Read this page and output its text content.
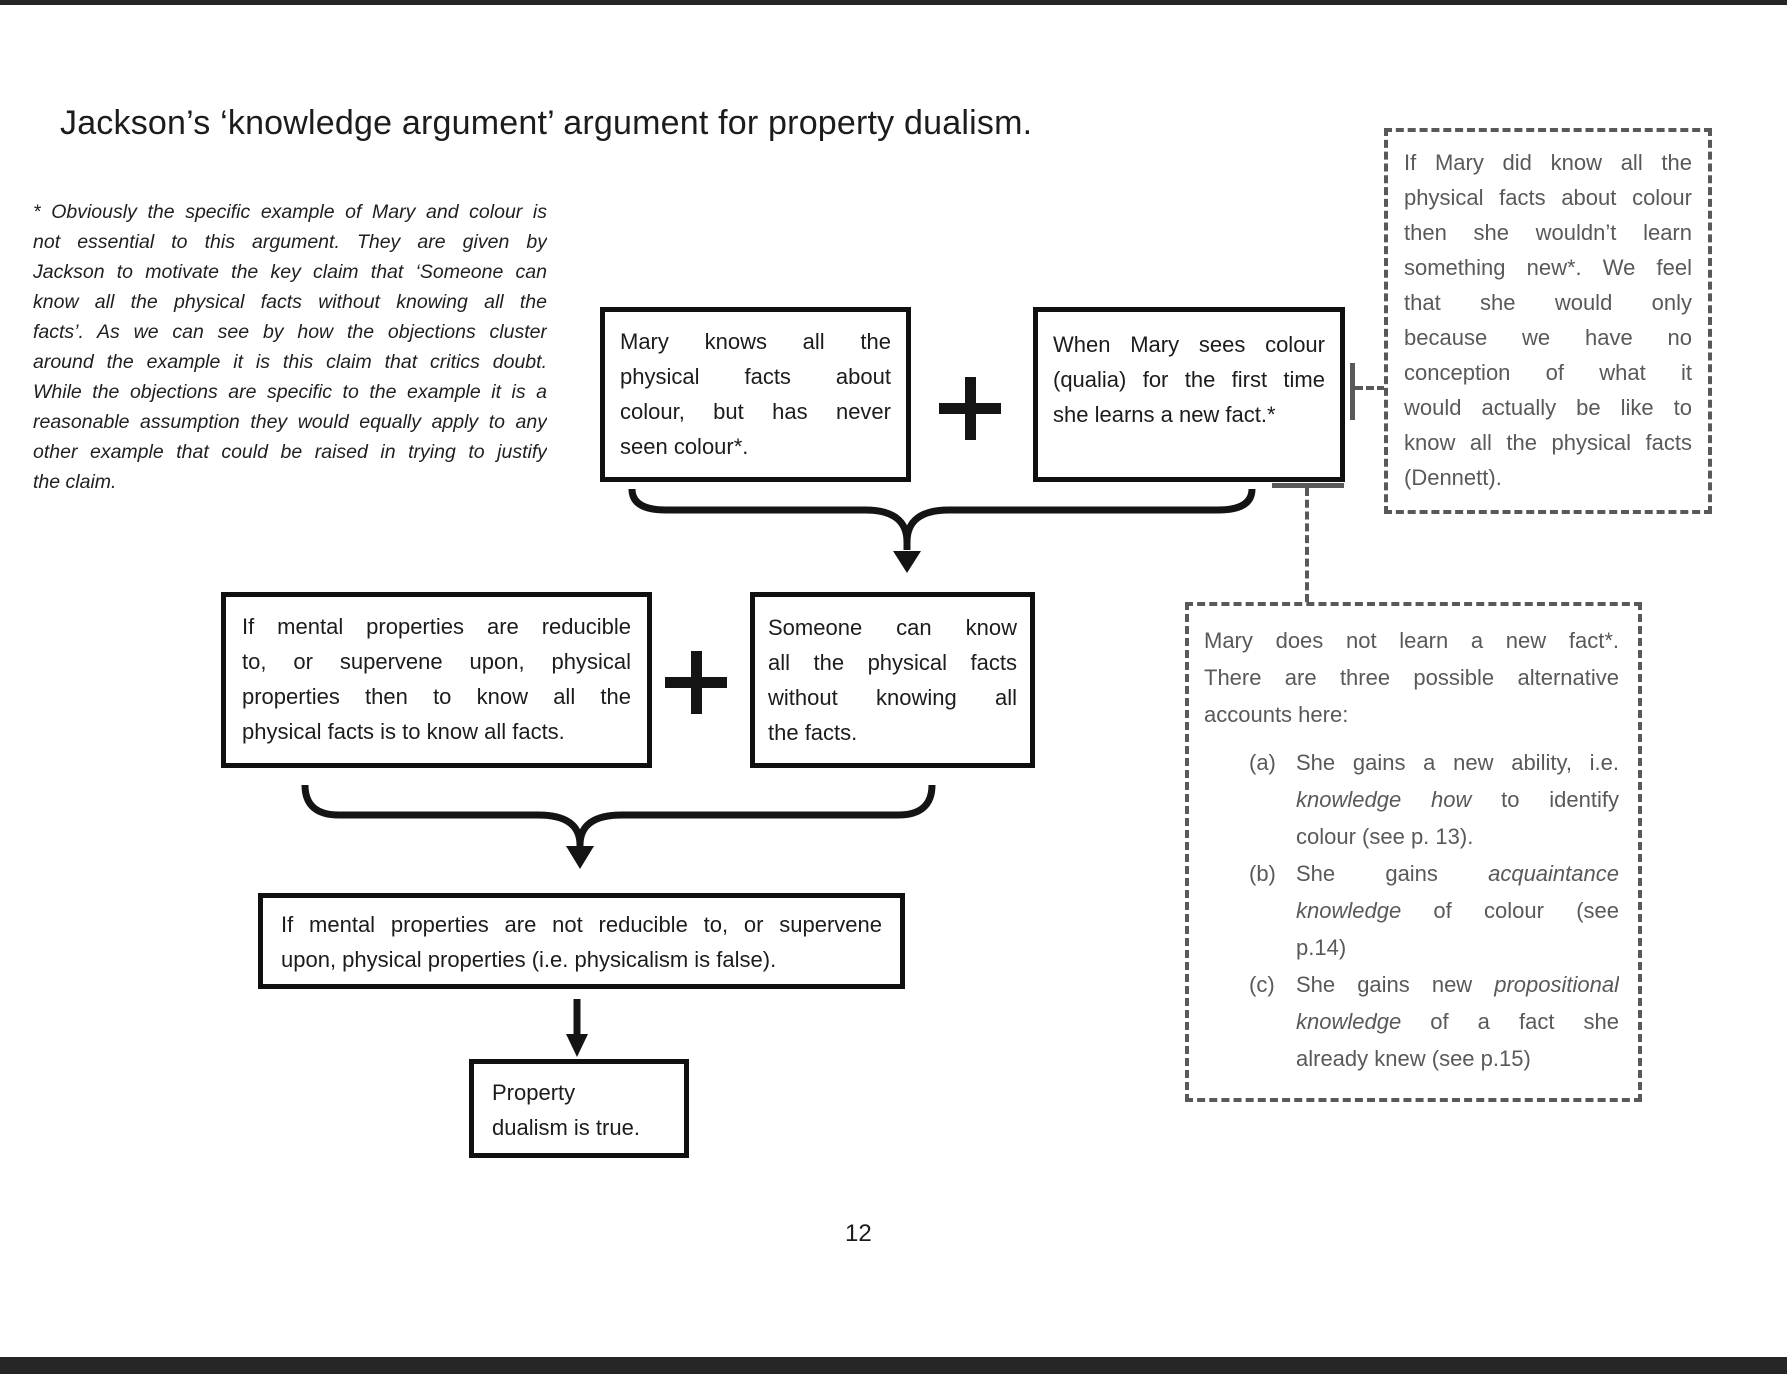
Jackson’s ‘knowledge argument’ argument for property dualism.
* Obviously the specific example of Mary and colour is
not essential to this argument. They are given by
Jackson to motivate the key claim that ‘Someone can
know all the physical facts without knowing all the
facts’. As we can see by how the objections cluster
around the example it is this claim that critics doubt.
While the objections are specific to the example it is a
reasonable assumption they would equally apply to any
other example that could be raised in trying to justify
the claim.
Mary knows all the
physical facts about
colour, but has never
seen colour*.
When Mary sees colour
(qualia) for the first time
she learns a new fact.*
If Mary did know all the
physical facts about colour
then she wouldn’t learn
something new*. We feel
that she would only
because we have no
conception of what it
would actually be like to
know all the physical facts
(Dennett).
If mental properties are reducible
to, or supervene upon, physical
properties then to know all the
physical facts is to know all facts.
Someone can know
all the physical facts
without knowing all
the facts.
Mary does not learn a new fact*.
There are three possible alternative
accounts here:
(a) She gains a new ability, i.e.
knowledge how to identify
colour (see p. 13).
(b) She gains acquaintance
knowledge of colour (see
p.14)
(c) She gains new propositional
knowledge of a fact she
already knew (see p.15)
If mental properties are not reducible to, or supervene
upon, physical properties (i.e. physicalism is false).
Property
dualism is true.
12
